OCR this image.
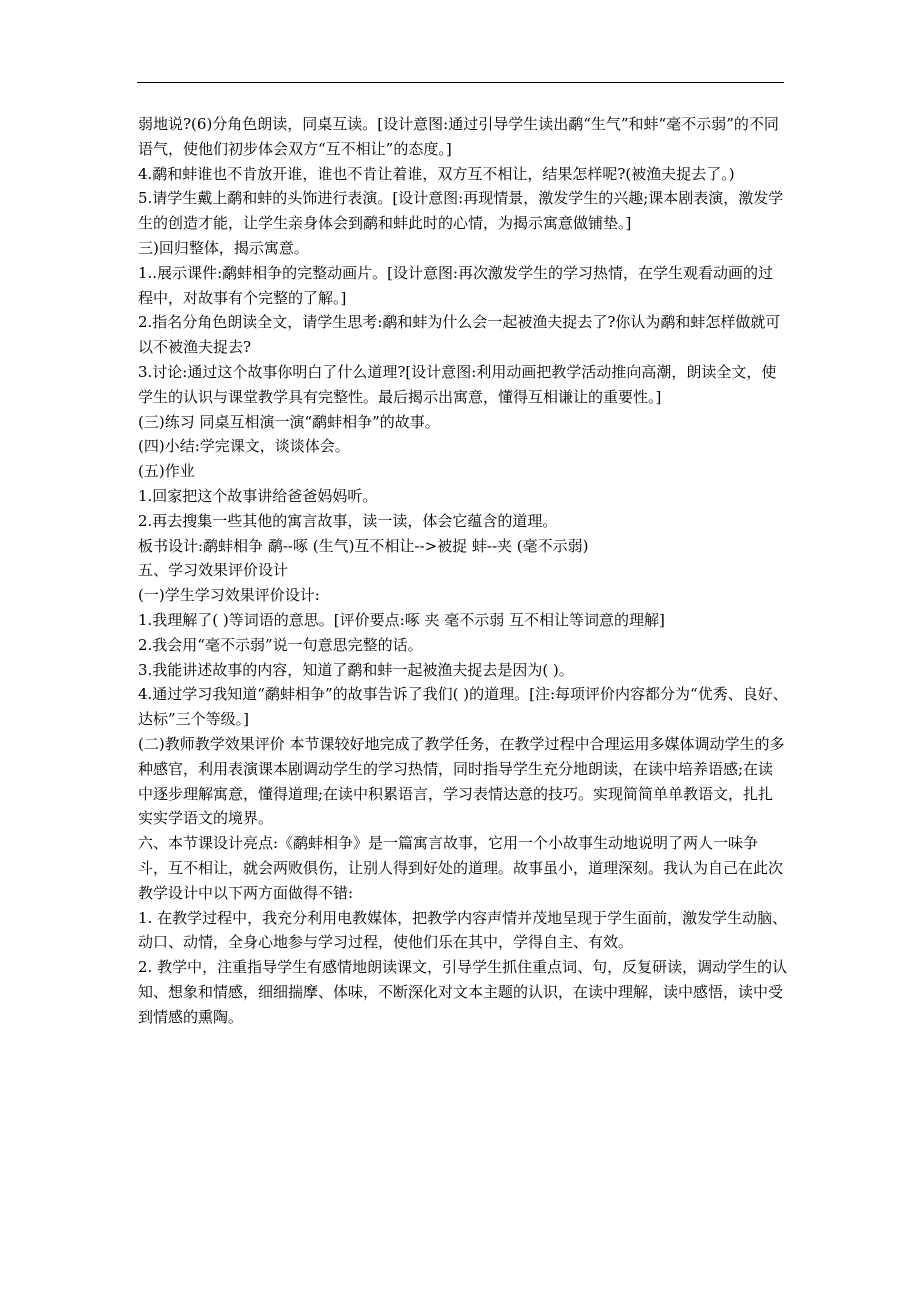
弱地说?(6)分角色朗读，同桌互读。[设计意图:通过引导学生读出鹬“生气”和蚌“毫不示弱”的不同语气，使他们初步体会双方“互不相让”的态度。]

4.鹬和蚌谁也不肯放开谁，谁也不肯让着谁，双方互不相让，结果怎样呢?(被渔夫捉去了。)

5.请学生戴上鹬和蚌的头饰进行表演。[设计意图:再现情景，激发学生的兴趣;课本剧表演，激发学生的创造才能，让学生亲身体会到鹬和蚌此时的心情，为揭示寓意做铺垫。]

三)回归整体，揭示寓意。

1..展示课件:鹬蚌相争的完整动画片。[设计意图:再次激发学生的学习热情，在学生观看动画的过程中，对故事有个完整的了解。]

2.指名分角色朗读全文，请学生思考:鹬和蚌为什么会一起被渔夫捉去了?你认为鹬和蚌怎样做就可以不被渔夫捉去?

3.讨论:通过这个故事你明白了什么道理?[设计意图:利用动画把教学活动推向高潮，朗读全文，使学生的认识与课堂教学具有完整性。最后揭示出寓意，懂得互相谦让的重要性。]

(三)练习 同桌互相演一演“鹬蚌相争”的故事。

(四)小结:学完课文，谈谈体会。

(五)作业

1.回家把这个故事讲给爸爸妈妈听。

2.再去搜集一些其他的寓言故事，读一读，体会它蕴含的道理。

板书设计:鹬蚌相争 鹬--啄 (生气)互不相让-->被捉 蚌--夹 (毫不示弱)

五、学习效果评价设计

(一)学生学习效果评价设计:

1.我理解了( )等词语的意思。[评价要点:啄 夹 毫不示弱 互不相让等词意的理解]

2.我会用“毫不示弱”说一句意思完整的话。

3.我能讲述故事的内容，知道了鹬和蚌一起被渔夫捉去是因为( )。

4.通过学习我知道“鹬蚌相争”的故事告诉了我们( )的道理。[注:每项评价内容都分为“优秀、良好、达标”三个等级。]

(二)教师教学效果评价 本节课较好地完成了教学任务，在教学过程中合理运用多媒体调动学生的多种感官，利用表演课本剧调动学生的学习热情，同时指导学生充分地朗读，在读中培养语感;在读中逐步理解寓意，懂得道理;在读中积累语言，学习表情达意的技巧。实现简简单单教语文，扎扎实实学语文的境界。

六、本节课设计亮点:《鹬蚌相争》是一篇寓言故事，它用一个小故事生动地说明了两人一味争斗，互不相让，就会两败俱伤，让别人得到好处的道理。故事虽小，道理深刻。我认为自己在此次教学设计中以下两方面做得不错:

1. 在教学过程中，我充分利用电教媒体，把教学内容声情并茂地呈现于学生面前，激发学生动脑、动口、动情，全身心地参与学习过程，使他们乐在其中，学得自主、有效。

2. 教学中，注重指导学生有感情地朗读课文，引导学生抓住重点词、句，反复研读，调动学生的认知、想象和情感，细细揣摩、体味，不断深化对文本主题的认识，在读中理解，读中感悟，读中受到情感的熏陶。
